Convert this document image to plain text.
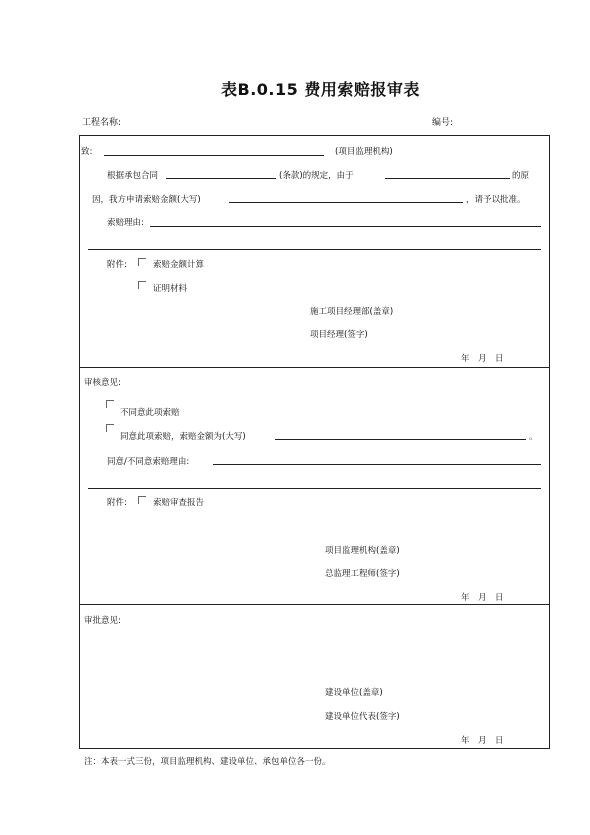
表B.0.15 费用索赔报审表
工程名称:	编号:
致:	(项目监理机构)
根据承包合同	(条款)的规定，由于	的原
因，我方申请索赔金额(大写)	，请予以批准。
索赔理由:
附件:	索赔金额计算
证明材料
施工项目经理部(盖章)
项目经理(签字)
年　月　日
审核意见:
不同意此项索赔
同意此项索赔，索赔金额为(大写)	。
同意/不同意索赔理由:
附件:	索赔审查报告
项目监理机构(盖章)
总监理工程师(签字)
年　月　日
审批意见:
建设单位(盖章)
建设单位代表(签字)
年　月　日
注：本表一式三份，项目监理机构、建设单位、承包单位各一份。
